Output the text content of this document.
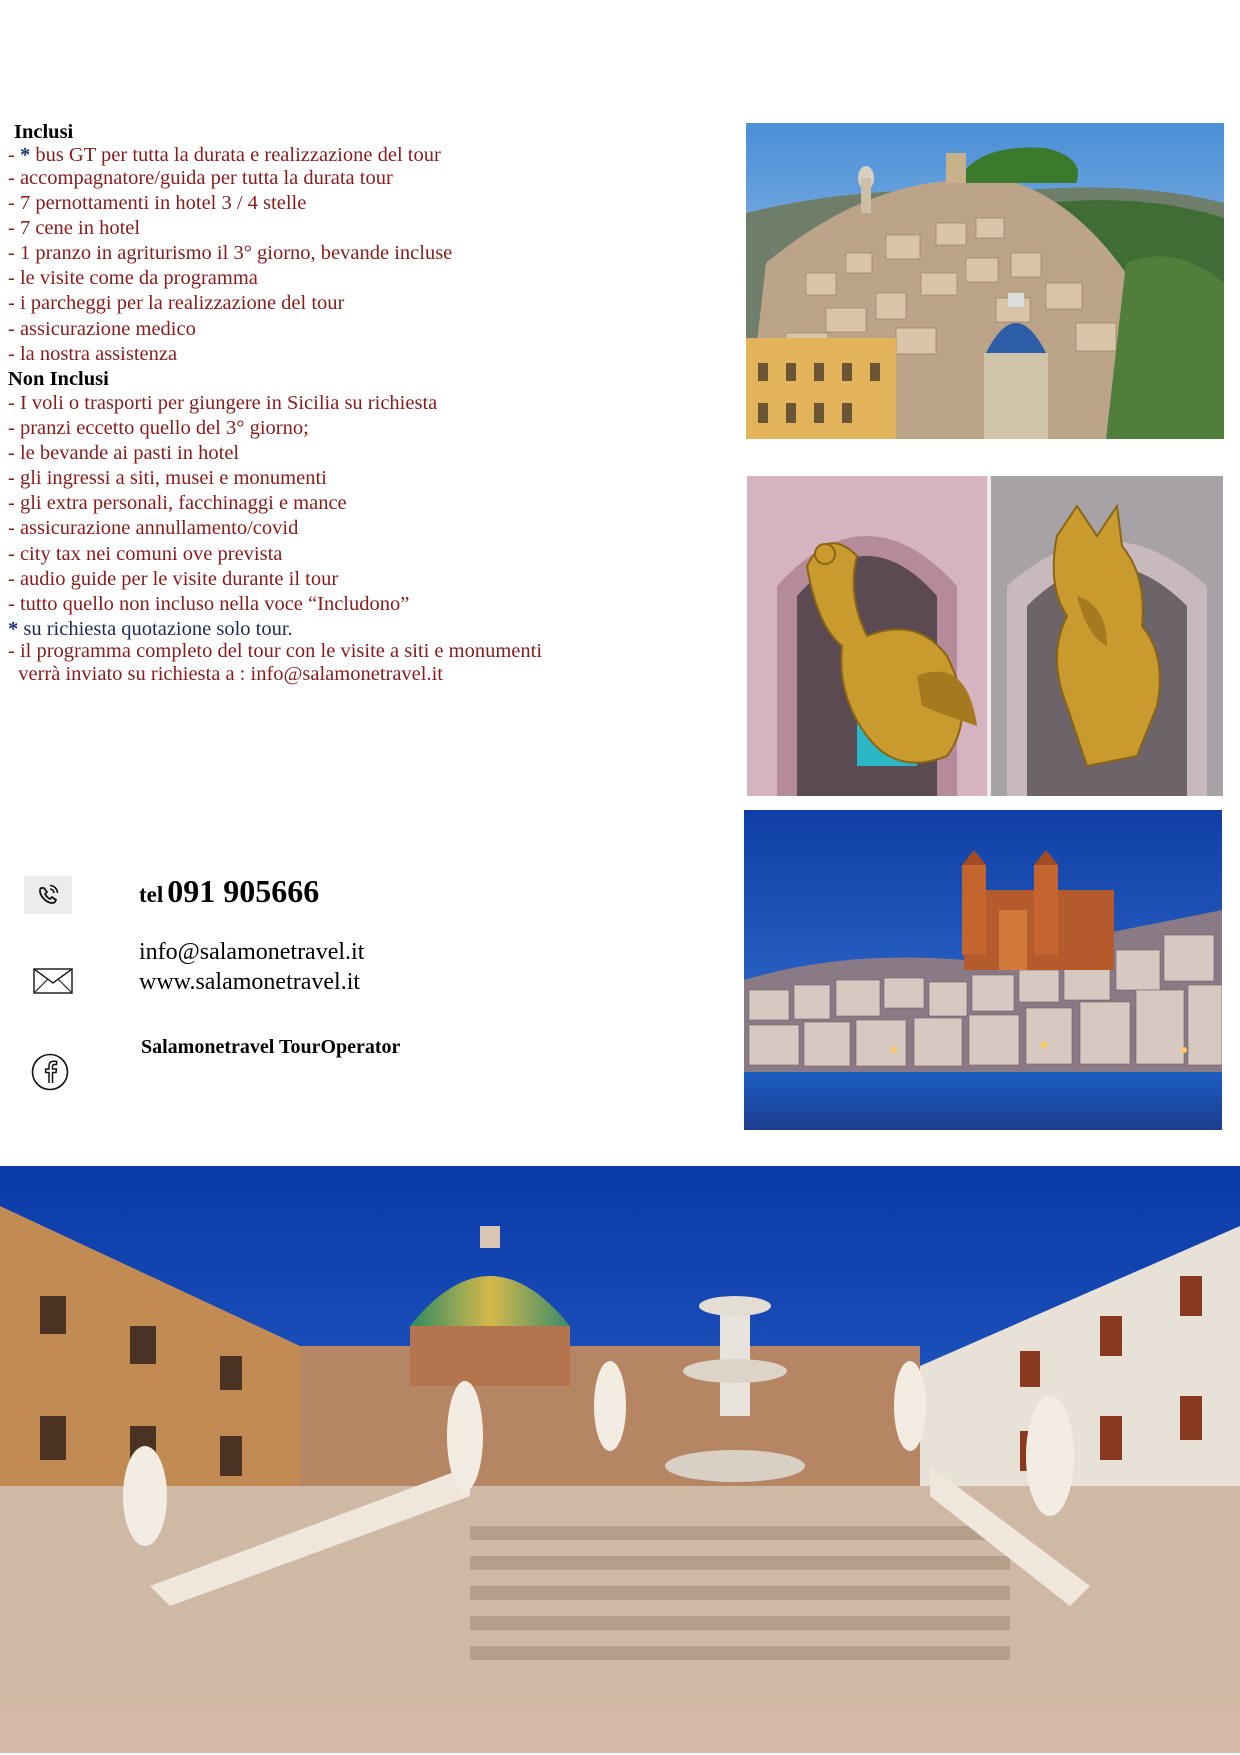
Inclusi
- * bus GT per tutta la durata e realizzazione del tour
- accompagnatore/guida per tutta la durata tour
- 7 pernottamenti in hotel 3 / 4 stelle
- 7 cene in hotel
- 1 pranzo in agriturismo il 3° giorno, bevande incluse
- le visite come da programma
- i parcheggi per la realizzazione del tour
- assicurazione medico
- la nostra assistenza
Non Inclusi
- I voli o trasporti per giungere in Sicilia su richiesta
- pranzi eccetto quello del 3° giorno;
- le bevande ai pasti in hotel
- gli ingressi a siti, musei e monumenti
- gli extra personali, facchinaggi e mance
- assicurazione annullamento/covid
- city tax nei comuni ove prevista
- audio guide per le visite durante il tour
- tutto quello non incluso nella voce “Includono”
* su richiesta quotazione solo tour.
- il programma completo del tour con le visite a siti e monumenti
verrà inviato su richiesta a : info@salamonetravel.it
tel 091 905666
info@salamonetravel.it
www.salamonetravel.it
Salamonetravel TourOperator
